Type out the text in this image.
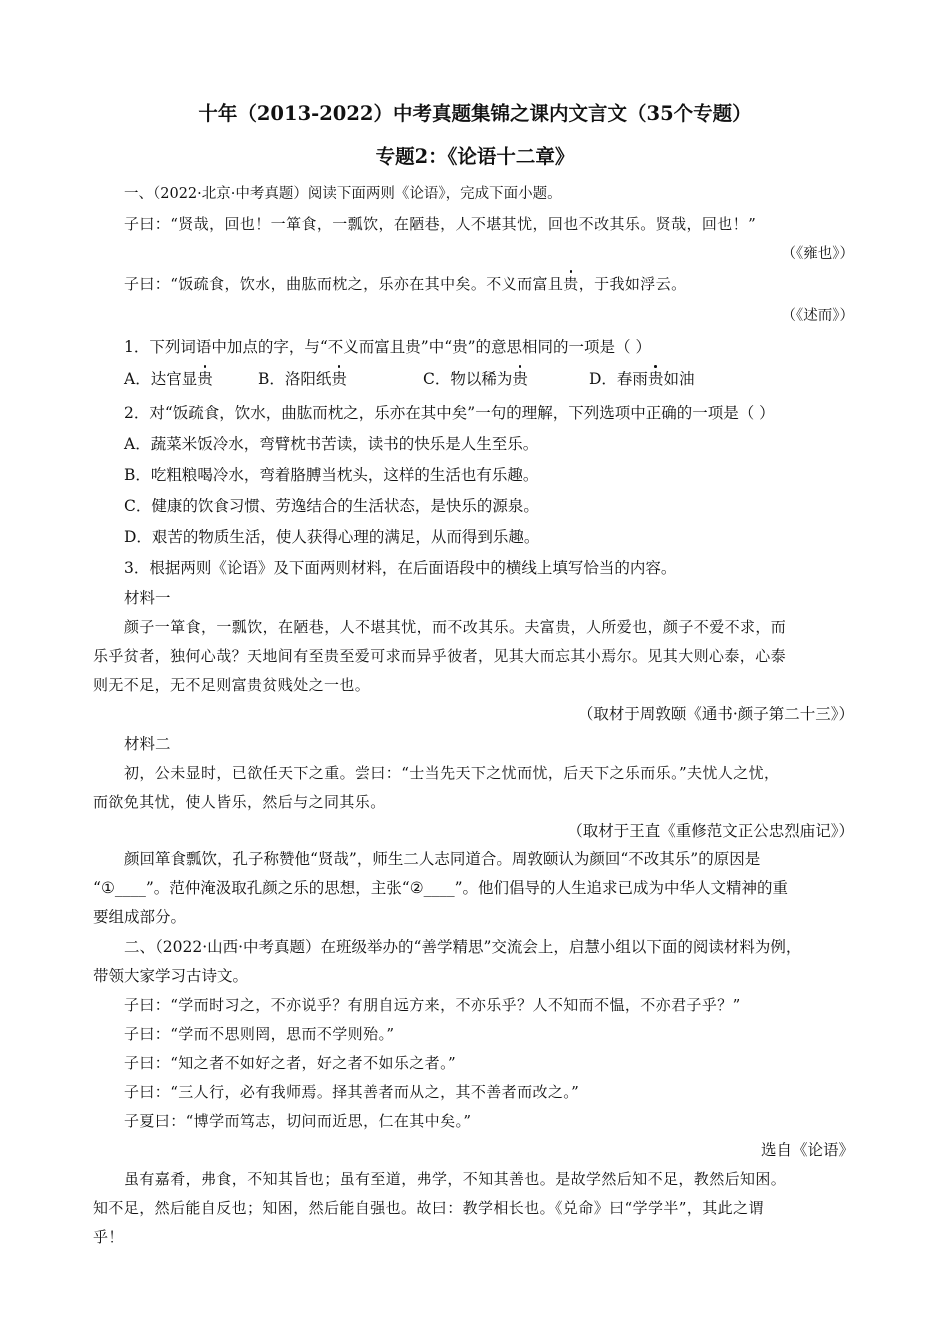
十年（2013-2022）中考真题集锦之课内文言文（35个专题）
专题2：《论语十二章》
一、（2022·北京·中考真题）阅读下面两则《论语》，完成下面小题。
子曰：“贤哉，回也！一箪食，一瓢饮，在陋巷，人不堪其忧，回也不改其乐。贤哉，回也！”
（《雍也》）
子曰：“饭疏食，饮水，曲肱而枕之，乐亦在其中矣。不义而富且贵，于我如浮云。
（《述而》）
1．下列词语中加点的字，与“不义而富且贵”中“贵”的意思相同的一项是（ ）
A．达官显贵	B．洛阳纸贵	C．物以稀为贵	D．春雨贵如油
2．对“饭疏食，饮水，曲肱而枕之，乐亦在其中矣”一句的理解，下列选项中正确的一项是（ ）
A．蔬菜米饭冷水，弯臂枕书苦读，读书的快乐是人生至乐。
B．吃粗粮喝冷水，弯着胳膊当枕头，这样的生活也有乐趣。
C．健康的饮食习惯、劳逸结合的生活状态，是快乐的源泉。
D．艰苦的物质生活，使人获得心理的满足，从而得到乐趣。
3．根据两则《论语》及下面两则材料，在后面语段中的横线上填写恰当的内容。
材料一
颜子一箪食，一瓢饮，在陋巷，人不堪其忧，而不改其乐。夫富贵，人所爱也，颜子不爱不求，而
乐乎贫者，独何心哉？天地间有至贵至爱可求而异乎彼者，见其大而忘其小焉尔。见其大则心泰，心泰
则无不足，无不足则富贵贫贱处之一也。
（取材于周敦颐《通书·颜子第二十三》）
材料二
初，公未显时，已欲任天下之重。尝曰：“士当先天下之忧而忧，后天下之乐而乐。”夫忧人之忧，
而欲免其忧，使人皆乐，然后与之同其乐。
（取材于王直《重修范文正公忠烈庙记》）
颜回箪食瓢饮，孔子称赞他“贤哉”，师生二人志同道合。周敦颐认为颜回“不改其乐”的原因是
“①____”。范仲淹汲取孔颜之乐的思想，主张“②____”。他们倡导的人生追求已成为中华人文精神的重
要组成部分。
二、（2022·山西·中考真题）在班级举办的“善学精思”交流会上，启慧小组以下面的阅读材料为例，
带领大家学习古诗文。
子曰：“学而时习之，不亦说乎？有朋自远方来，不亦乐乎？人不知而不愠，不亦君子乎？”
子曰：“学而不思则罔，思而不学则殆。”
子曰：“知之者不如好之者，好之者不如乐之者。”
子曰：“三人行，必有我师焉。择其善者而从之，其不善者而改之。”
子夏曰：“博学而笃志，切问而近思，仁在其中矣。”
选自《论语》
虽有嘉肴，弗食，不知其旨也；虽有至道，弗学，不知其善也。是故学然后知不足，教然后知困。
知不足，然后能自反也；知困，然后能自强也。故曰：教学相长也。《兑命》曰“学学半”，其此之谓
乎！
